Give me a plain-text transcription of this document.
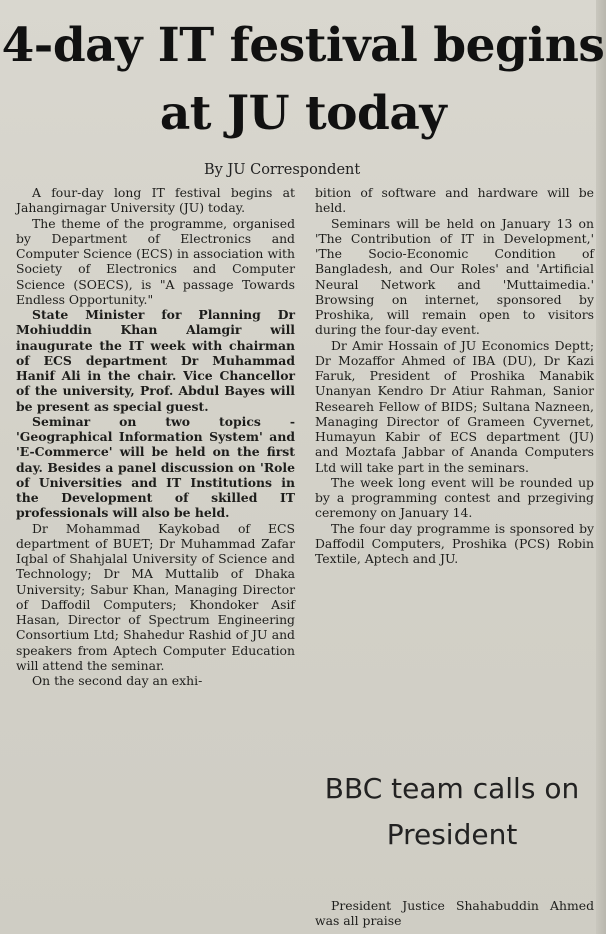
4-day IT festival begins at JU today

By JU Correspondent

A four-day long IT festival begins at Jahangirnagar University (JU) today.

The theme of the programme, organised by Department of Electronics and Computer Science (ECS) in association with Society of Electronics and Computer Science (SOECS), is "A passage Towards Endless Opportunity."

State Minister for Planning Dr Mohiuddin Khan Alamgir will inaugurate the IT week with chairman of ECS department Dr Muhammad Hanif Ali in the chair. Vice Chancellor of the university, Prof. Abdul Bayes will be present as special guest.

Seminar on two topics - 'Geographical Information System' and 'E-Commerce' will be held on the first day. Besides a panel discussion on 'Role of Universities and IT Institutions in the Development of skilled IT professionals will also be held.

Dr Mohammad Kaykobad of ECS department of BUET; Dr Muhammad Zafar Iqbal of Shahjalal University of Science and Technology; Dr MA Muttalib of Dhaka University; Sabur Khan, Managing Director of Daffodil Computers; Khondoker Asif Hasan, Director of Spectrum Engineering Consortium Ltd; Shahedur Rashid of JU and speakers from Aptech Computer Education will attend the seminar.

On the second day an exhi-

bition of software and hardware will be held.

Seminars will be held on January 13 on 'The Contribution of IT in Development,' 'The Socio-Economic Condition of Bangladesh, and Our Roles' and 'Artificial Neural Network and 'Muttaimedia.' Browsing on internet, sponsored by Proshika, will remain open to visitors during the four-day event.

Dr Amir Hossain of JU Economics Deptt; Dr Mozaffor Ahmed of IBA (DU), Dr Kazi Faruk, President of Proshika Manabik Unanyan Kendro Dr Atiur Rahman, Sanior Researeh Fellow of BIDS; Sultana Nazneen, Managing Director of Grameen Cyvernet, Humayun Kabir of ECS department (JU) and Moztafa Jabbar of Ananda Computers Ltd will take part in the seminars.

The week long event will be rounded up by a programming contest and przegiving ceremony on January 14.

The four day programme is sponsored by Daffodil Computers, Proshika (PCS) Robin Textile, Aptech and JU.

BBC team calls on President

President Justice Shahabuddin Ahmed was all praise
